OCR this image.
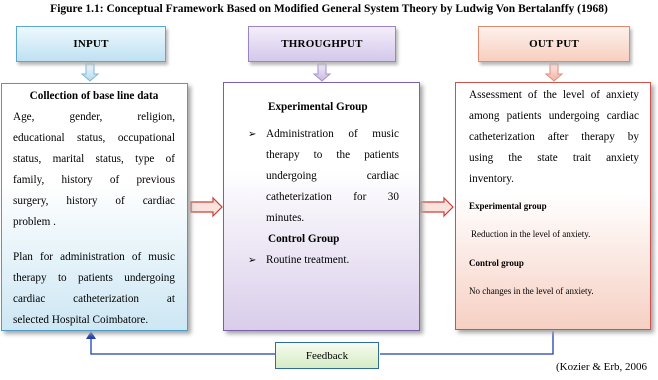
Figure 1.1: Conceptual Framework Based on Modified General System Theory by Ludwig Von Bertalanffy (1968)
INPUT	THROUGHPUT	OUT PUT
Collection of base line data
Age, gender, religion,
educational status, occupational
status, marital status, type of
family, history of previous
surgery, history of cardiac
problem .
Plan for administration of music
therapy to patients undergoing
cardiac catheterization at
selected Hospital Coimbatore.
Experimental Group
➢ Administration of music
therapy to the patients
undergoing cardiac
catheterization for 30
minutes.
Control Group
➢ Routine treatment.
Assessment of the level of anxiety
among patients undergoing cardiac
catheterization after therapy by
using the state trait anxiety
inventory.
Experimental group
Reduction in the level of anxiety.
Control group
No changes in the level of anxiety.
Feedback
(Kozier & Erb, 2006
